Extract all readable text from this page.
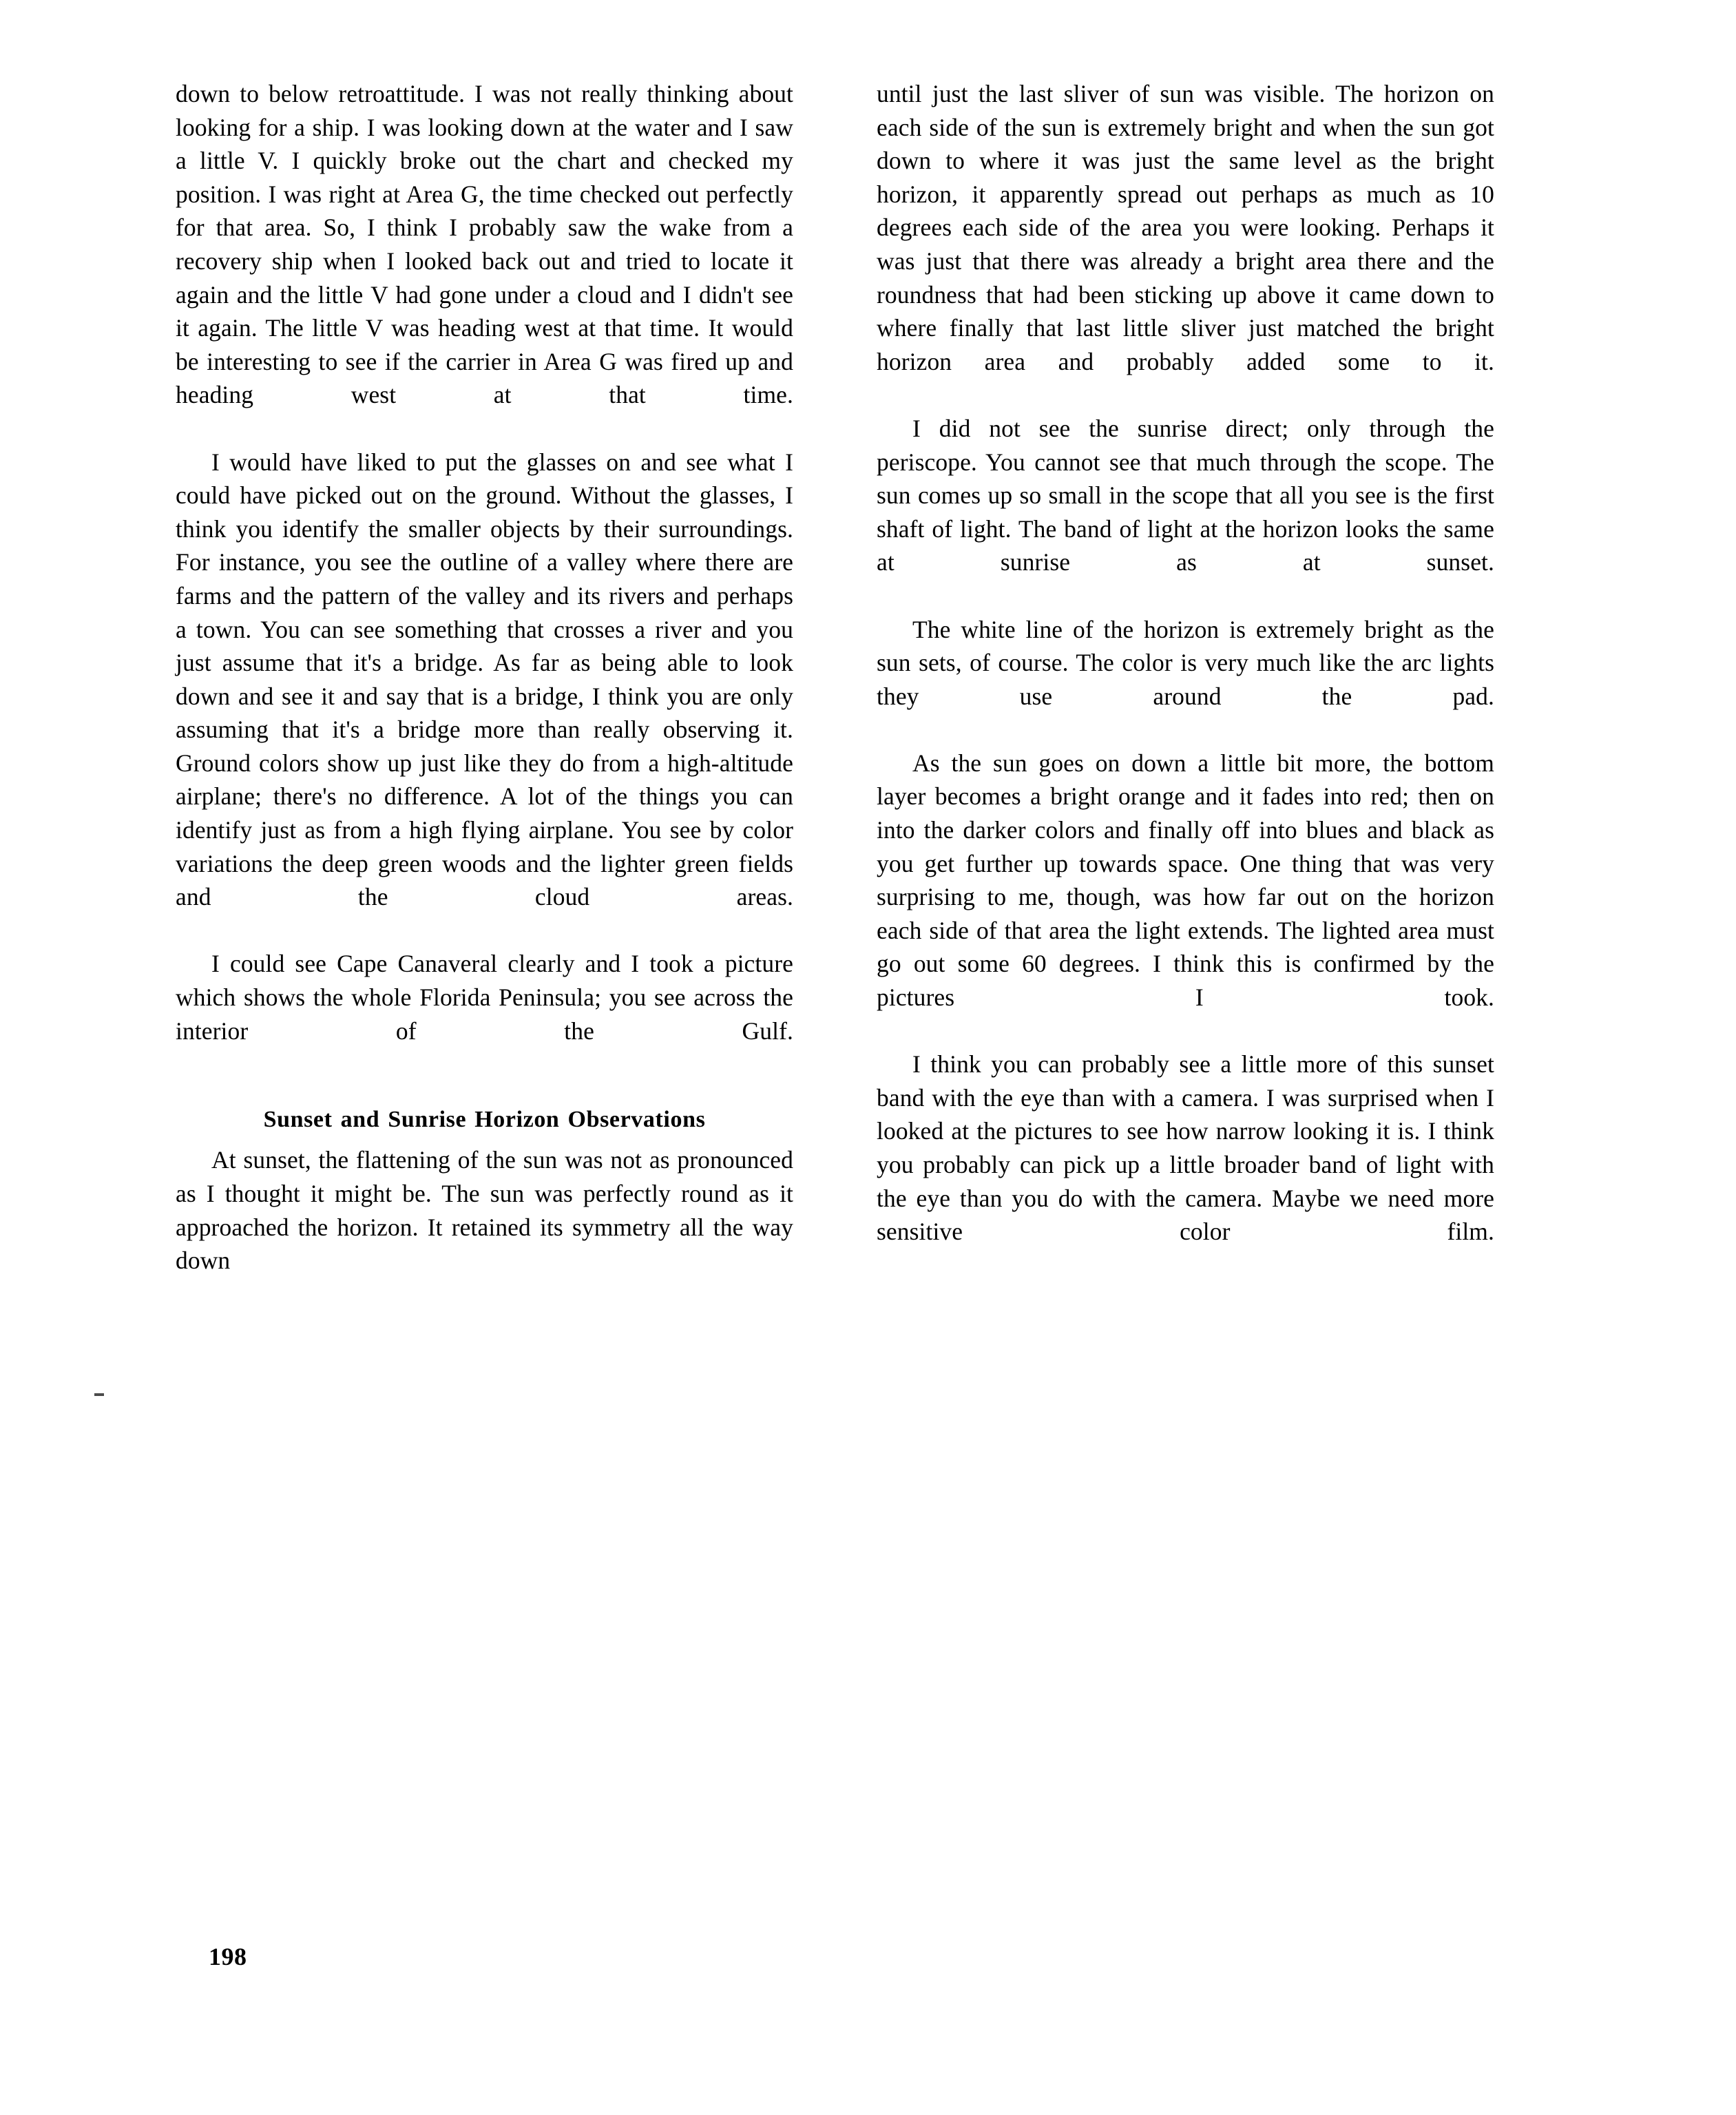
down to below retroattitude. I was not really thinking about looking for a ship. I was looking down at the water and I saw a little V. I quickly broke out the chart and checked my position. I was right at Area G, the time checked out perfectly for that area. So, I think I probably saw the wake from a recovery ship when I looked back out and tried to locate it again and the little V had gone under a cloud and I didn't see it again. The little V was heading west at that time. It would be interesting to see if the carrier in Area G was fired up and heading west at that time.
I would have liked to put the glasses on and see what I could have picked out on the ground. Without the glasses, I think you identify the smaller objects by their surroundings. For instance, you see the outline of a valley where there are farms and the pattern of the valley and its rivers and perhaps a town. You can see something that crosses a river and you just assume that it's a bridge. As far as being able to look down and see it and say that is a bridge, I think you are only assuming that it's a bridge more than really observing it. Ground colors show up just like they do from a high-altitude airplane; there's no difference. A lot of the things you can identify just as from a high flying airplane. You see by color variations the deep green woods and the lighter green fields and the cloud areas.
I could see Cape Canaveral clearly and I took a picture which shows the whole Florida Peninsula; you see across the interior of the Gulf.
Sunset and Sunrise Horizon Observations
At sunset, the flattening of the sun was not as pronounced as I thought it might be. The sun was perfectly round as it approached the horizon. It retained its symmetry all the way down
until just the last sliver of sun was visible. The horizon on each side of the sun is extremely bright and when the sun got down to where it was just the same level as the bright horizon, it apparently spread out perhaps as much as 10 degrees each side of the area you were looking. Perhaps it was just that there was already a bright area there and the roundness that had been sticking up above it came down to where finally that last little sliver just matched the bright horizon area and probably added some to it.
I did not see the sunrise direct; only through the periscope. You cannot see that much through the scope. The sun comes up so small in the scope that all you see is the first shaft of light. The band of light at the horizon looks the same at sunrise as at sunset.
The white line of the horizon is extremely bright as the sun sets, of course. The color is very much like the arc lights they use around the pad.
As the sun goes on down a little bit more, the bottom layer becomes a bright orange and it fades into red; then on into the darker colors and finally off into blues and black as you get further up towards space. One thing that was very surprising to me, though, was how far out on the horizon each side of that area the light extends. The lighted area must go out some 60 degrees. I think this is confirmed by the pictures I took.
I think you can probably see a little more of this sunset band with the eye than with a camera. I was surprised when I looked at the pictures to see how narrow looking it is. I think you probably can pick up a little broader band of light with the eye than you do with the camera. Maybe we need more sensitive color film.
198
